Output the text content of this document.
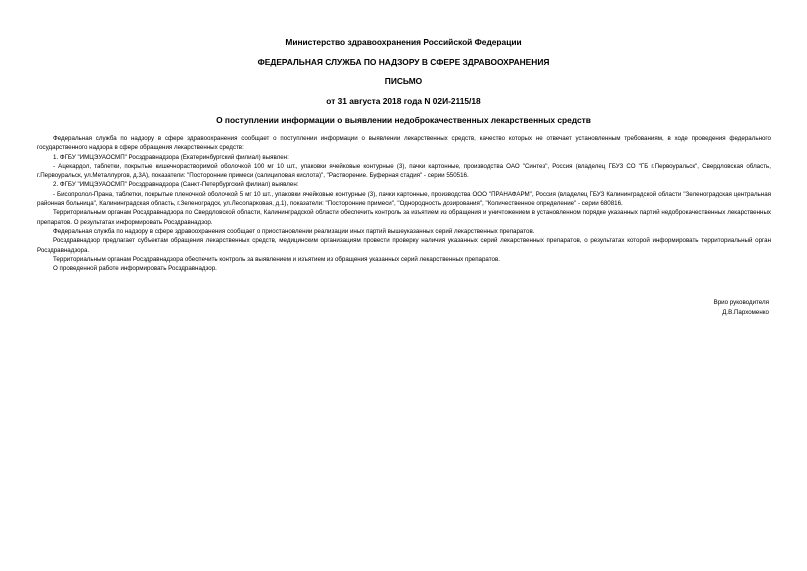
Министерство здравоохранения Российской Федерации
ФЕДЕРАЛЬНАЯ СЛУЖБА ПО НАДЗОРУ В СФЕРЕ ЗДРАВООХРАНЕНИЯ
ПИСЬМО
от 31 августа 2018 года N 02И-2115/18
О поступлении информации о выявлении недоброкачественных лекарственных средств

Федеральная служба по надзору в сфере здравоохранения сообщает о поступлении информации о выявлении лекарственных средств, качество которых не отвечает установленным требованиям, в ходе проведения федерального государственного надзора в сфере обращения лекарственных средств:

1. ФГБУ "ИМЦЭУАОСМП" Росздравнадзора (Екатеринбургский филиал) выявлен:

- Ацекардол, таблетки, покрытые кишечнорастворимой оболочкой 100 мг 10 шт., упаковки ячейковые контурные (3), пачки картонные, производства ОАО "Синтез", Россия (владелец ГБУЗ СО "ГБ г.Первоуральск", Свердловская область, г.Первоуральск, ул.Металлургов, д.3А), показатели: "Посторонние примеси (салициловая кислота)", "Растворение. Буферная стадия" - серии 550516.

2. ФГБУ "ИМЦЭУАОСМП" Росздравнадзора (Санкт-Петербургский филиал) выявлен:

- Бисопролол-Прана, таблетки, покрытые пленочной оболочкой 5 мг 10 шт., упаковки ячейковые контурные (3), пачки картонные, производства ООО "ПРАНАФАРМ", Россия (владелец ГБУЗ Калининградской области "Зеленоградская центральная районная больница", Калининградская область, г.Зеленоградск, ул.Лесопарковая, д.1), показатели: "Посторонние примеси", "Однородность дозирования", "Количественное определение" - серии 680816.

Территориальным органам Росздравнадзора по Свердловской области, Калининградской области обеспечить контроль за изъятием из обращения и уничтожением в установленном порядке указанных партий недоброкачественных лекарственных препаратов. О результатах информировать Росздравнадзор.

Федеральная служба по надзору в сфере здравоохранения сообщает о приостановлении реализации иных партий вышеуказанных серий лекарственных препаратов.

Росздравнадзор предлагает субъектам обращения лекарственных средств, медицинским организациям провести проверку наличия указанных серий лекарственных препаратов, о результатах которой информировать территориальный орган Росздравнадзора.

Территориальным органам Росздравнадзора обеспечить контроль за выявлением и изъятием из обращения указанных серий лекарственных препаратов.

О проведенной работе информировать Росздравнадзор.

Врио руководителя
Д.В.Пархоменко
